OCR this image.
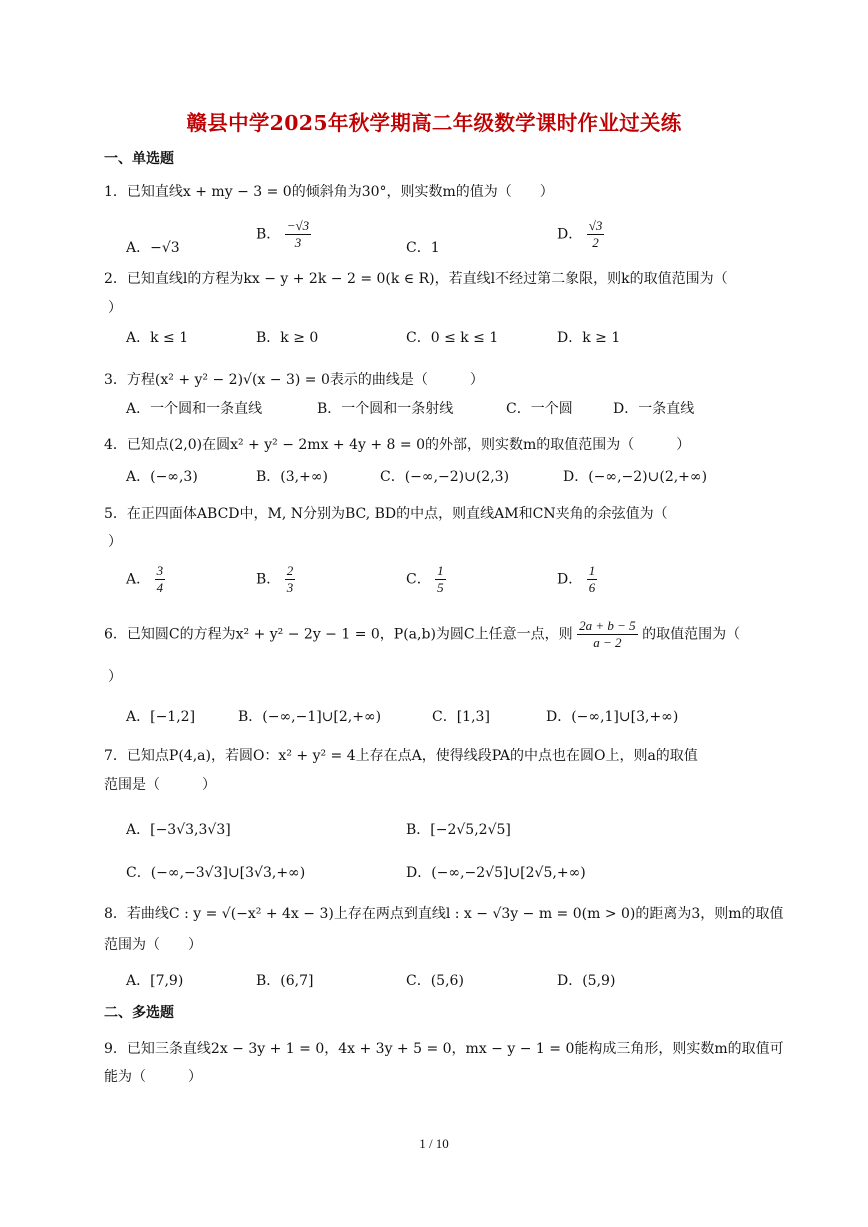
赣县中学2025年秋学期高二年级数学课时作业过关练
一、单选题
1．已知直线x + my − 3 = 0的倾斜角为30°，则实数m的值为（　　）
A．−√3
B． $\frac{-√3}{3}$	C．1
D． $\frac{√3}{2}$
2．已知直线l的方程为kx − y + 2k − 2 = 0(k ∈ R)，若直线l不经过第二象限，则k的取值范围为（
）
A．k ≤ 1	B．k ≥ 0	C．0 ≤ k ≤ 1	D．k ≥ 1
3．方程(x² + y² − 2)√(x − 3) = 0表示的曲线是（　　　）
A．一个圆和一条直线	B．一个圆和一条射线	C．一个圆	D．一条直线
4．已知点(2,0)在圆x² + y² − 2mx + 4y + 8 = 0的外部，则实数m的取值范围为（　　　）
A．(−∞,3)	B．(3,+∞)	C．(−∞,−2)∪(2,3)	D．(−∞,−2)∪(2,+∞)
5．在正四面体ABCD中，M, N分别为BC, BD的中点，则直线AM和CN夹角的余弦值为（
）
A． $\frac{3}{4}$	B． $\frac{2}{3}$	C． $\frac{1}{5}$	D． $\frac{1}{6}$
6．已知圆C的方程为x² + y² − 2y − 1 = 0，P(a,b)为圆C上任意一点，则 $\frac{2a + b - 5}{a - 2}$ 的取值范围为（
）
A．[−1,2]	B．(−∞,−1]∪[2,+∞)	C．[1,3]	D．(−∞,1]∪[3,+∞)
7．已知点P(4,a)，若圆O：x² + y² = 4上存在点A，使得线段PA的中点也在圆O上，则a的取值
范围是（　　　）
A．[−3√3,3√3]	B．[−2√5,2√5]
C．(−∞,−3√3]∪[3√3,+∞)	D．(−∞,−2√5]∪[2√5,+∞)
8．若曲线C : y = √(−x² + 4x − 3)上存在两点到直线l : x − √3y − m = 0(m > 0)的距离为3，则m的取值
范围为（　　）
A．[7,9)	B．(6,7]	C．(5,6)	D．(5,9)
二、多选题
9．已知三条直线2x − 3y + 1 = 0，4x + 3y + 5 = 0，mx − y − 1 = 0能构成三角形，则实数m的取值可
能为（　　　）
1 / 10
